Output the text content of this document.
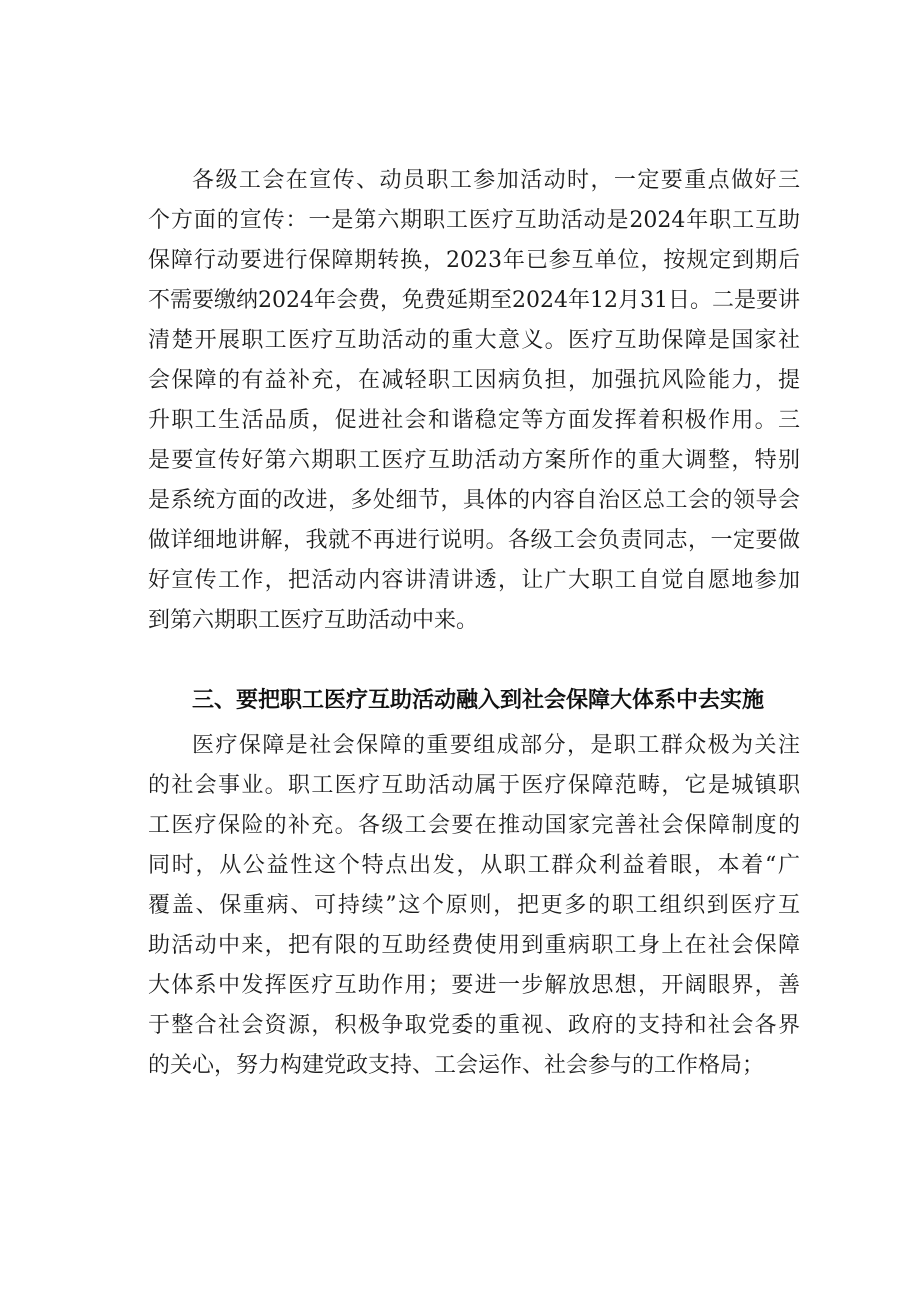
各级工会在宣传、动员职工参加活动时，一定要重点做好三
个方面的宣传：一是第六期职工医疗互助活动是2024年职工互助
保障行动要进行保障期转换，2023年已参互单位，按规定到期后
不需要缴纳2024年会费，免费延期至2024年12月31日。二是要讲
清楚开展职工医疗互助活动的重大意义。医疗互助保障是国家社
会保障的有益补充，在减轻职工因病负担，加强抗风险能力，提
升职工生活品质，促进社会和谐稳定等方面发挥着积极作用。三
是要宣传好第六期职工医疗互助活动方案所作的重大调整，特别
是系统方面的改进，多处细节，具体的内容自治区总工会的领导会
做详细地讲解，我就不再进行说明。各级工会负责同志，一定要做
好宣传工作，把活动内容讲清讲透，让广大职工自觉自愿地参加
到第六期职工医疗互助活动中来。
三、要把职工医疗互助活动融入到社会保障大体系中去实施
医疗保障是社会保障的重要组成部分，是职工群众极为关注
的社会事业。职工医疗互助活动属于医疗保障范畴，它是城镇职
工医疗保险的补充。各级工会要在推动国家完善社会保障制度的
同时，从公益性这个特点出发，从职工群众利益着眼，本着“广
覆盖、保重病、可持续”这个原则，把更多的职工组织到医疗互
助活动中来，把有限的互助经费使用到重病职工身上在社会保障
大体系中发挥医疗互助作用；要进一步解放思想，开阔眼界，善
于整合社会资源，积极争取党委的重视、政府的支持和社会各界
的关心，努力构建党政支持、工会运作、社会参与的工作格局；
